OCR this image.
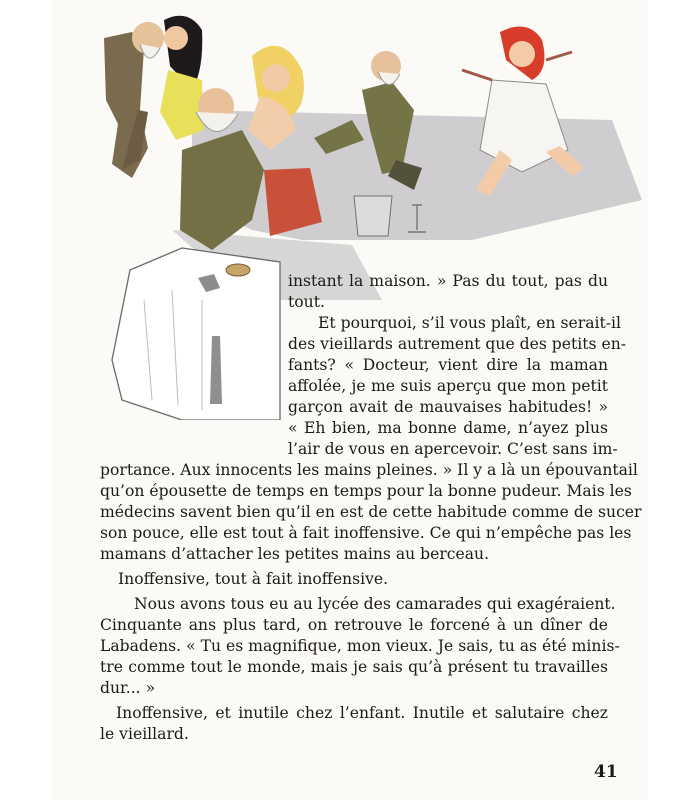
instant la maison. » Pas du tout, pas du
tout.
Et pourquoi, s’il vous plaît, en serait-il
des vieillards autrement que des petits en-
fants? « Docteur, vient dire la maman
affolée, je me suis aperçu que mon petit
garçon avait de mauvaises habitudes! »
« Eh bien, ma bonne dame, n’ayez plus
l’air de vous en apercevoir. C’est sans im-
portance. Aux innocents les mains pleines. » Il y a là un épouvantail
qu’on épousette de temps en temps pour la bonne pudeur. Mais les
médecins savent bien qu’il en est de cette habitude comme de sucer
son pouce, elle est tout à fait inoffensive. Ce qui n’empêche pas les
mamans d’attacher les petites mains au berceau.
Inoffensive, tout à fait inoffensive.
Nous avons tous eu au lycée des camarades qui exagéraient.
Cinquante ans plus tard, on retrouve le forcené à un dîner de
Labadens. « Tu es magnifique, mon vieux. Je sais, tu as été minis-
tre comme tout le monde, mais je sais qu’à présent tu travailles
dur... »
Inoffensive, et inutile chez l’enfant. Inutile et salutaire chez
le vieillard.
41
